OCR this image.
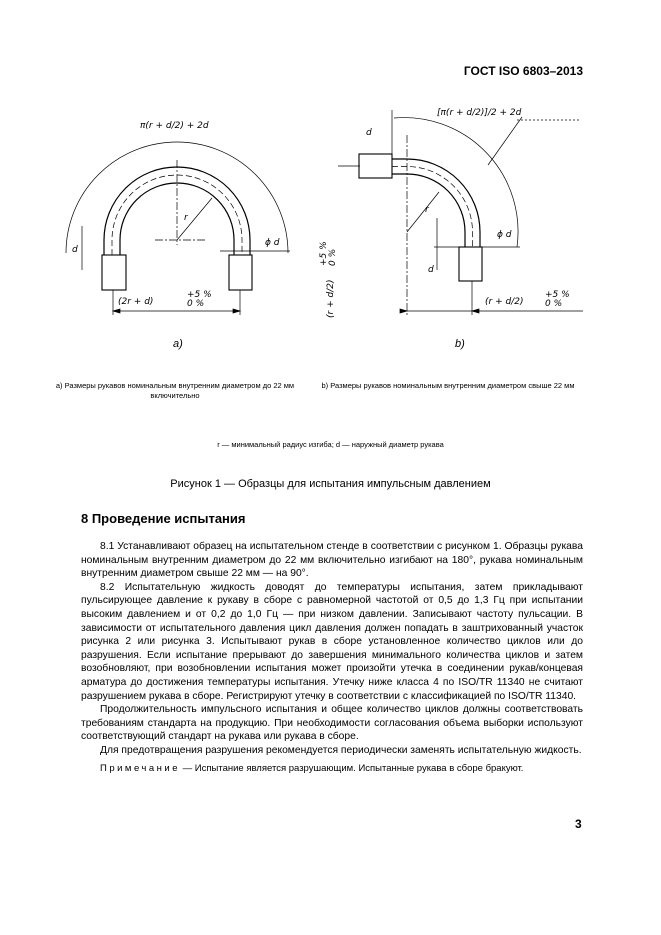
ГОСТ ISO 6803–2013
π(r + d/2) + 2d
(2r + d)
+5 %
0 %
r
d
ϕ d
[π(r + d/2)]/2 + 2d
(r + d/2)
+5 %
0 %
(r + d/2)
+5 % 0 %
r
d
d
ϕ d
a)	b)
a) Размеры рукавов номинальным внутренним диаметром до 22 мм включительно
b) Размеры рукавов номинальным внутренним диаметром свыше 22 мм
r — минимальный радиус изгиба; d — наружный диаметр рукава
Рисунок 1 — Образцы для испытания импульсным давлением
8 Проведение испытания

8.1 Устанавливают образец на испытательном стенде в соответствии с рисунком 1. Образцы рукава номинальным внутренним диаметром до 22 мм включительно изгибают на 180°, рукава номинальным внутренним диаметром свыше 22 мм — на 90°.

8.2 Испытательную жидкость доводят до температуры испытания, затем прикладывают пульсирующее давление к рукаву в сборе с равномерной частотой от 0,5 до 1,3 Гц при испытании высоким давлением и от 0,2 до 1,0 Гц — при низком давлении. Записывают частоту пульсации. В зависимости от испытательного давления цикл давления должен попадать в заштрихованный участок рисунка 2 или рисунка 3. Испытывают рукав в сборе установленное количество циклов или до разрушения. Если испытание прерывают до завершения минимального количества циклов и затем возобновляют, при возобновлении испытания может произойти утечка в соединении рукав/концевая арматура до достижения температуры испытания. Утечку ниже класса 4 по ISO/TR 11340 не считают разрушением рукава в сборе. Регистрируют утечку в соответствии с классификацией по ISO/TR 11340.

Продолжительность импульсного испытания и общее количество циклов должны соответствовать требованиям стандарта на продукцию. При необходимости согласования объема выборки используют соответствующий стандарт на рукава или рукава в сборе.

Для предотвращения разрушения рекомендуется периодически заменять испытательную жидкость.

Примечание — Испытание является разрушающим. Испытанные рукава в сборе бракуют.

3
